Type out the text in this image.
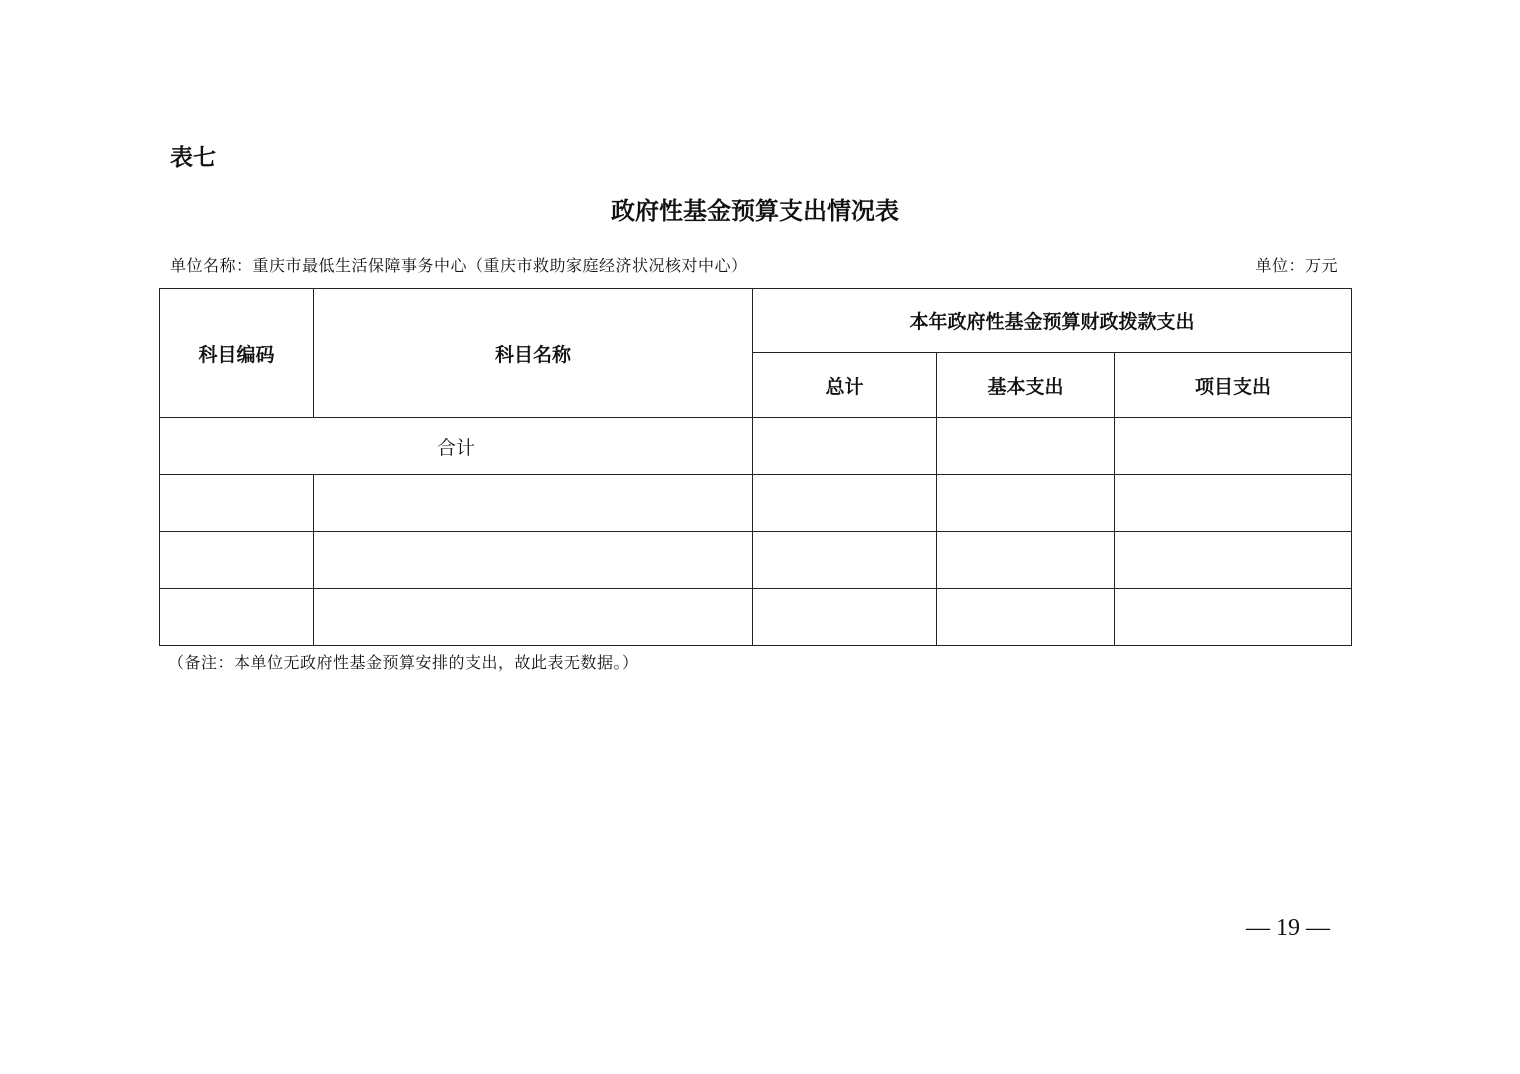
表七
政府性基金预算支出情况表
单位名称：重庆市最低生活保障事务中心（重庆市救助家庭经济状况核对中心）	单位：万元
科目编码	科目名称	本年政府性基金预算财政拨款支出		
		总计	基本支出	项目支出
合计				

（备注：本单位无政府性基金预算安排的支出，故此表无数据。）
— 19 —
